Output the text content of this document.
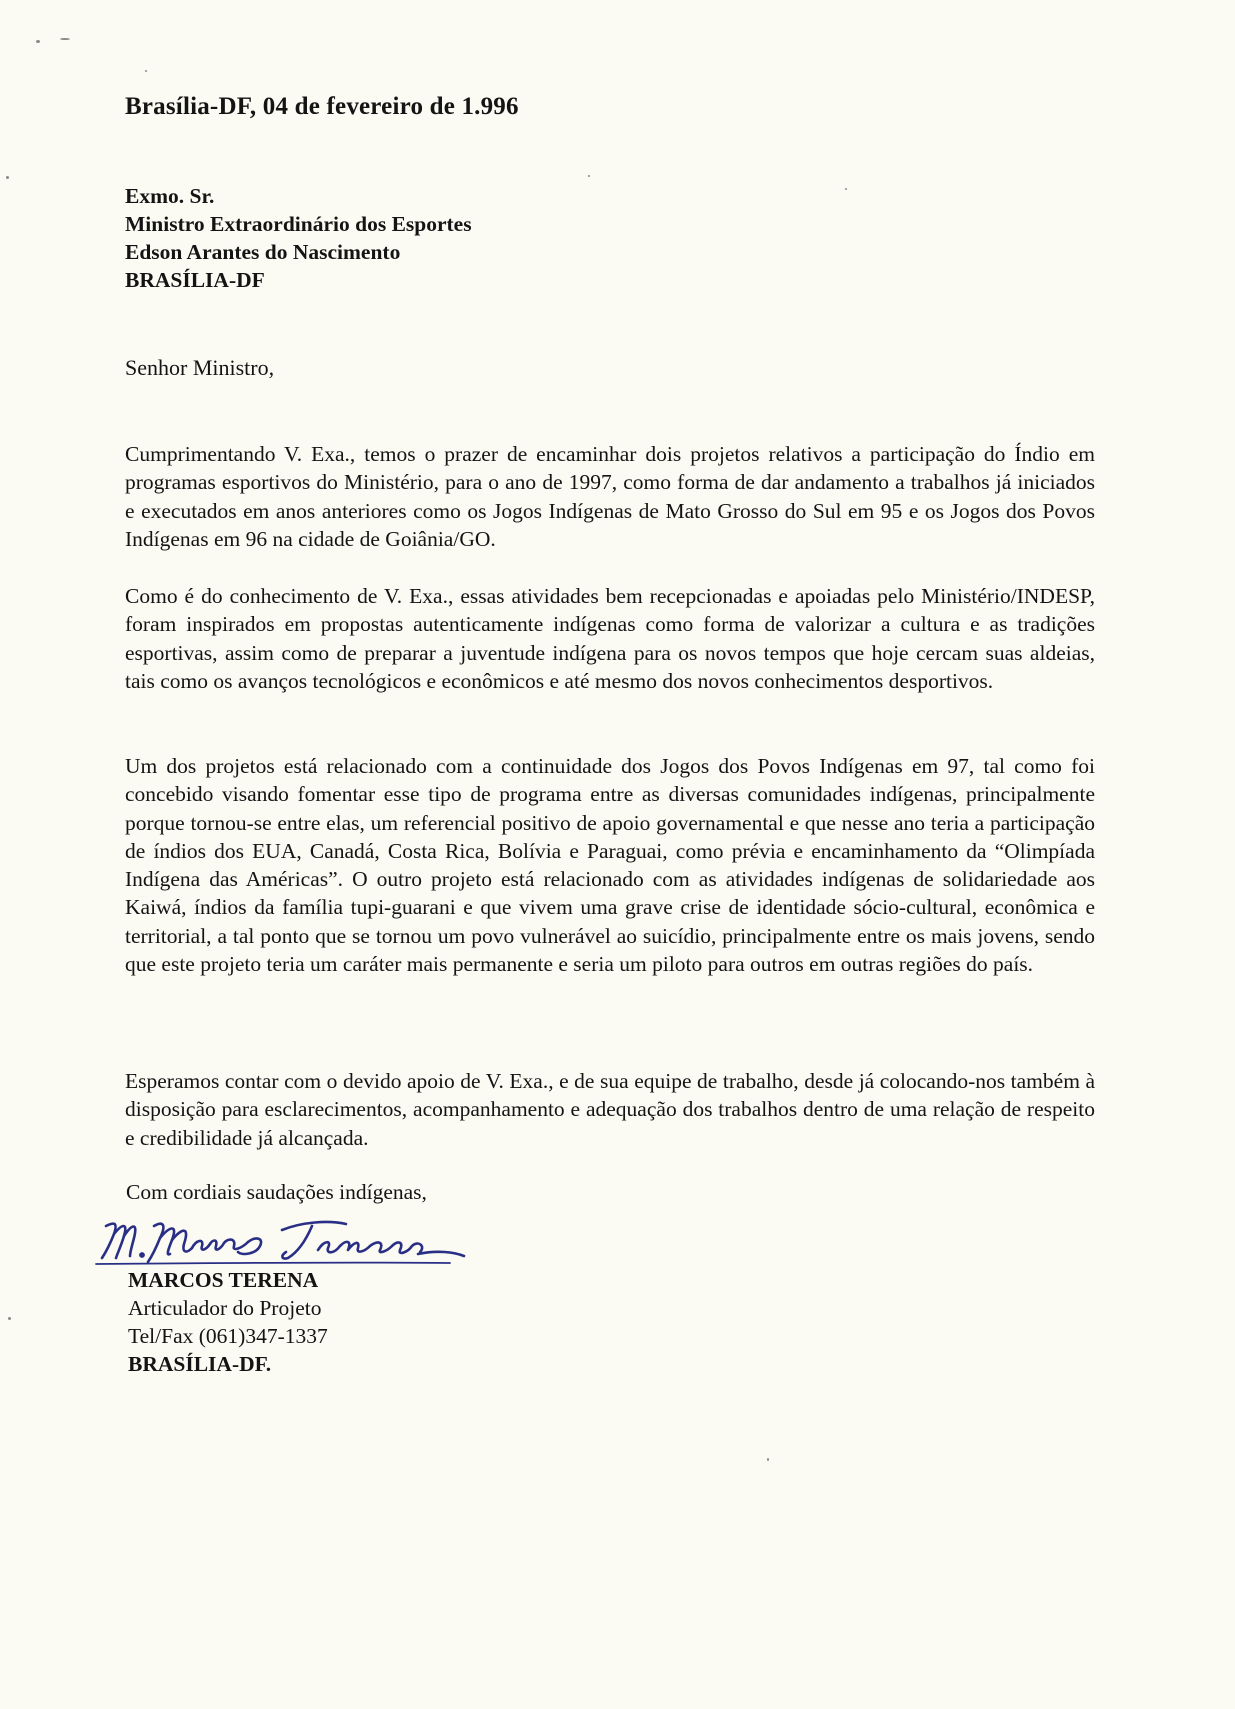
Brasília-DF, 04 de fevereiro de 1.996
Exmo. Sr.
Ministro Extraordinário dos Esportes
Edson Arantes do Nascimento
BRASÍLIA-DF
Senhor Ministro,

Cumprimentando V. Exa., temos o prazer de encaminhar dois projetos relativos a participação do Índio em programas esportivos do Ministério, para o ano de 1997, como forma de dar andamento a trabalhos já iniciados e executados em anos anteriores como os Jogos Indígenas de Mato Grosso do Sul em 95 e os Jogos dos Povos Indígenas em 96 na cidade de Goiânia/GO.

Como é do conhecimento de V. Exa., essas atividades bem recepcionadas e apoiadas pelo Ministério/INDESP, foram inspirados em propostas autenticamente indígenas como forma de valorizar a cultura e as tradições esportivas, assim como de preparar a juventude indígena para os novos tempos que hoje cercam suas aldeias, tais como os avanços tecnológicos e econômicos e até mesmo dos novos conhecimentos desportivos.

Um dos projetos está relacionado com a continuidade dos Jogos dos Povos Indígenas em 97, tal como foi concebido visando fomentar esse tipo de programa entre as diversas comunidades indígenas, principalmente porque tornou-se entre elas, um referencial positivo de apoio governamental e que nesse ano teria a participação de índios dos EUA, Canadá, Costa Rica, Bolívia e Paraguai, como prévia e encaminhamento da “Olimpíada Indígena das Américas”. O outro projeto está relacionado com as atividades indígenas de solidariedade aos Kaiwá, índios da família tupi-guarani e que vivem uma grave crise de identidade sócio-cultural, econômica e territorial, a tal ponto que se tornou um povo vulnerável ao suicídio, principalmente entre os mais jovens, sendo que este projeto teria um caráter mais permanente e seria um piloto para outros em outras regiões do país.

Esperamos contar com o devido apoio de V. Exa., e de sua equipe de trabalho, desde já colocando-nos também à disposição para esclarecimentos, acompanhamento e adequação dos trabalhos dentro de uma relação de respeito e credibilidade já alcançada.

Com cordiais saudações indígenas,
MARCOS TERENA
Articulador do Projeto
Tel/Fax (061)347-1337
BRASÍLIA-DF.
